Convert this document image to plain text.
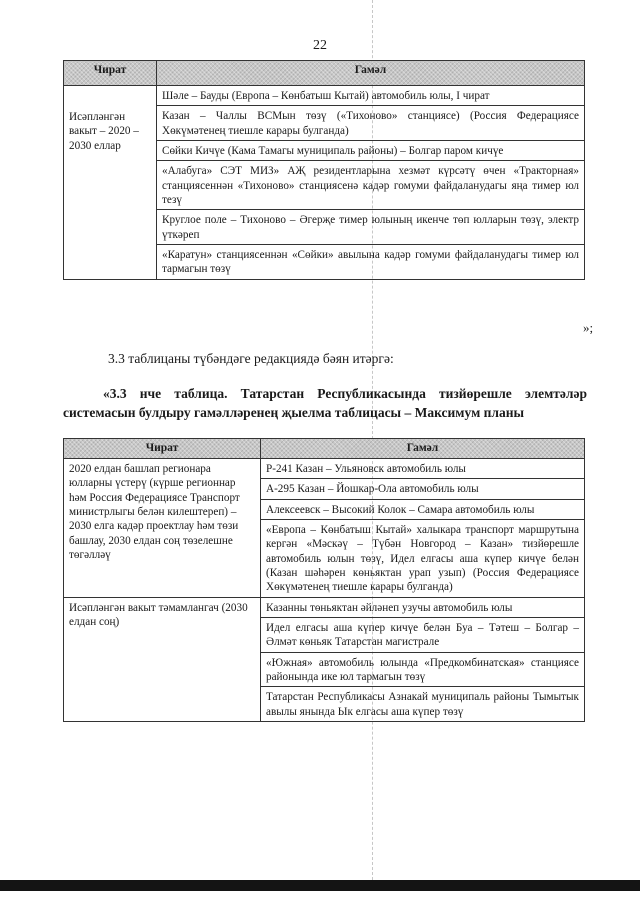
22
Чират	Гамәл
Исәпләнгән вакыт – 2020 – 2030 еллар	Шәле – Бауды (Европа – Көнбатыш Кытай) автомобиль юлы, I чират
	Казан – Чаллы ВСМын төзү («Тихоново» станциясе) (Россия Федерациясе Хөкүмәтенең тиешле карары булганда)
	Сөйки Кичүе (Кама Тамагы муниципаль районы) – Болгар паром кичүе
	«Алабуга» СЭТ МИЗ» АҖ резидентларына хезмәт күрсәтү өчен «Тракторная» станциясеннән «Тихоново» станциясенә кадәр гомуми файдаланудагы яңа тимер юл тезү
	Круглое поле – Тихоново – Әгерҗе тимер юлының икенче төп юлларын төзү, электр үткәреп
	«Каратун» станциясеннән «Сөйки» авылына кадәр гомуми файдаланудагы тимер юл тармагын төзү
»;
3.3 таблицаны түбәндәге редакциядә бәян итәргә:
«3.3 нче таблица. Татарстан Республикасында тизйөрешле элемтәләр системасын булдыру гамәлләренең җыелма таблицасы – Максимум планы
Чират	Гамәл
2020 елдан башлап регионара юлларны үстерү (күрше регионнар һәм Россия Федерациясе Транспорт министрлыгы белән килештереп) – 2030 елга кадәр проектлау һәм төзи башлау, 2030 елдан соң төзелешне төгәлләү	Р-241 Казан – Ульяновск автомобиль юлы
	А-295 Казан – Йошкар-Ола автомобиль юлы
	Алексеевск – Высокий Колок – Самара автомобиль юлы
	«Европа – Көнбатыш Кытай» халыкара транспорт маршрутына кергән «Мәскәү – Түбән Новгород – Казан» тизйөрешле автомобиль юлын төзү, Идел елгасы аша күпер кичүе белән (Казан шәһәрен көньяктан урап узып) (Россия Федерациясе Хөкүмәтенең тиешле карары булганда)
Исәпләнгән вакыт тәмамлангач (2030 елдан соң)	Казанны төньяктан әйләнеп узучы автомобиль юлы
	Идел елгасы аша күпер кичүе белән Буа – Тәтеш – Болгар – Әлмәт көньяк Татарстан магистрале
	«Южная» автомобиль юлында «Предкомбинатская» станциясе районында ике юл тармагын төзү
	Татарстан Республикасы Азнакай муниципаль районы Тымытык авылы янында Ык елгасы аша күпер төзү
